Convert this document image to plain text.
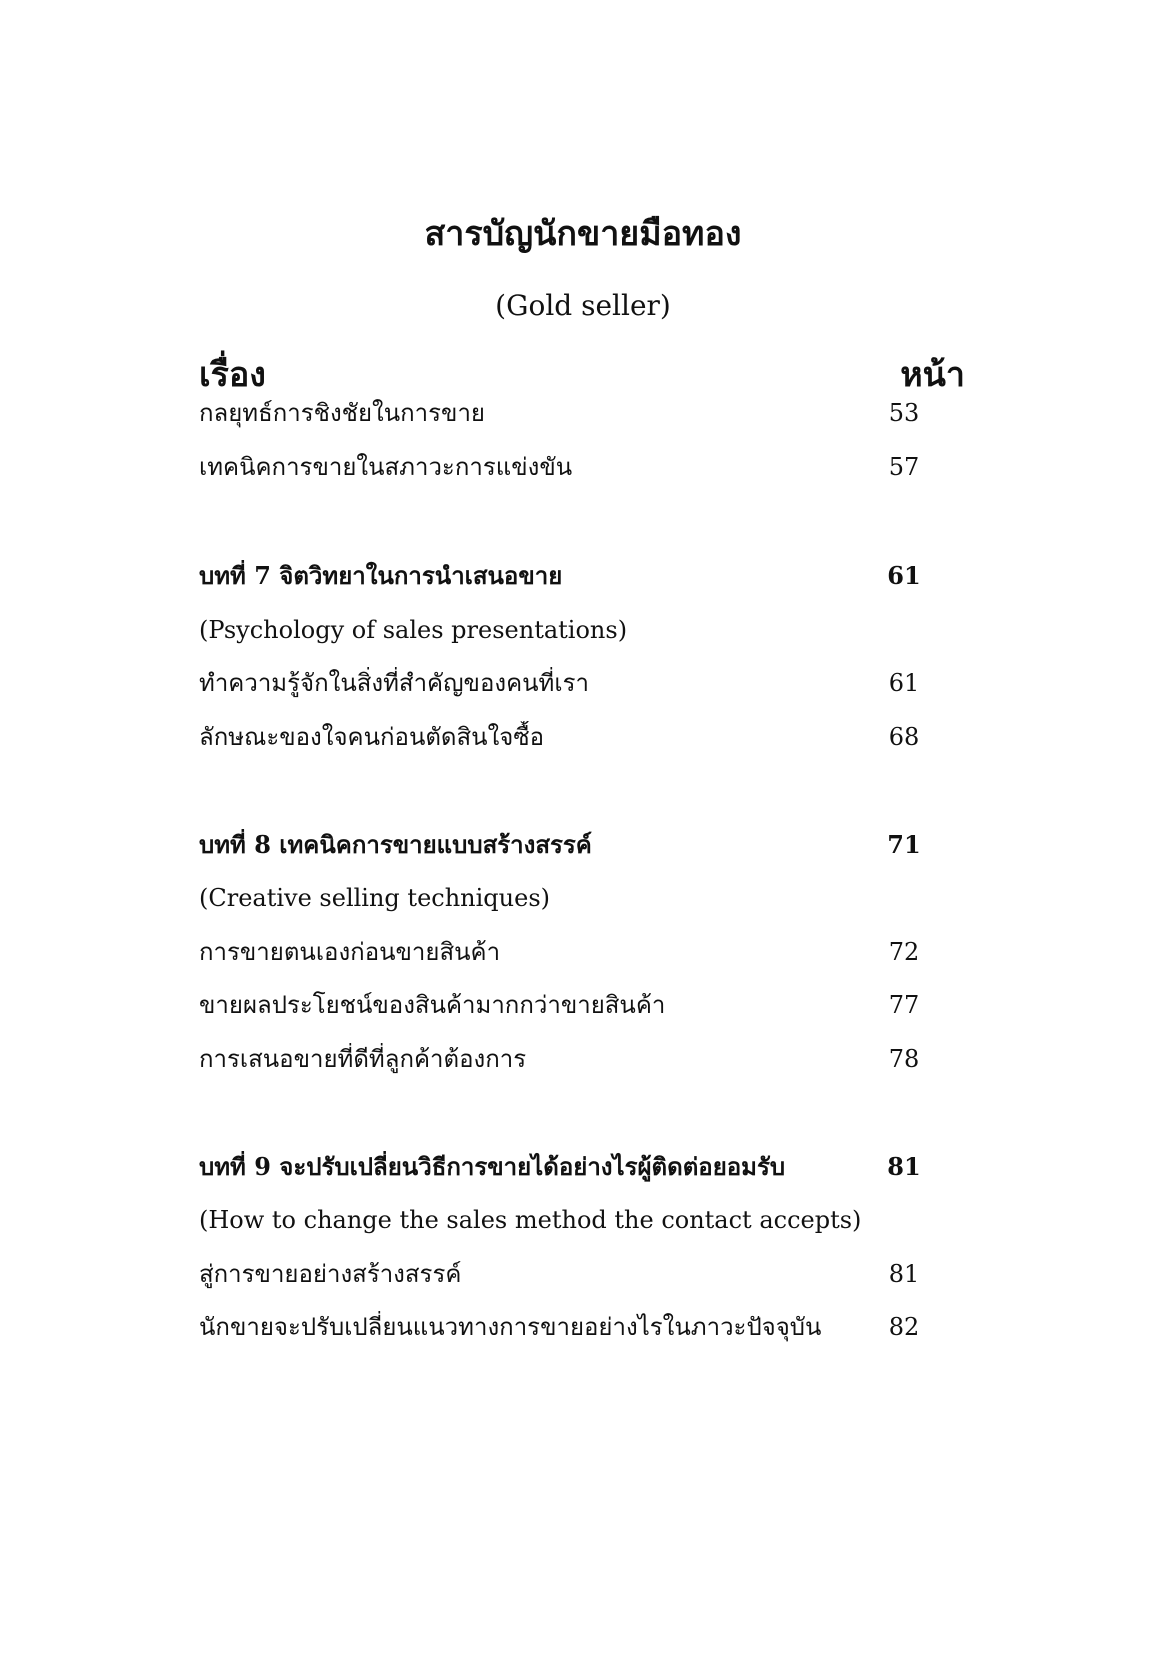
สารบัญนักขายมือทอง
(Gold seller)
เรื่อง	หน้า
กลยุทธ์การชิงชัยในการขาย	53
เทคนิคการขายในสภาวะการแข่งขัน	57
บทที่ 7 จิตวิทยาในการนำเสนอขาย	61
(Psychology of sales presentations)
ทำความรู้จักในสิ่งที่สำคัญของคนที่เรา	61
ลักษณะของใจคนก่อนตัดสินใจซื้อ	68
บทที่ 8 เทคนิคการขายแบบสร้างสรรค์	71
(Creative selling techniques)
การขายตนเองก่อนขายสินค้า	72
ขายผลประโยชน์ของสินค้ามากกว่าขายสินค้า	77
การเสนอขายที่ดีที่ลูกค้าต้องการ	78
บทที่ 9 จะปรับเปลี่ยนวิธีการขายได้อย่างไรผู้ติดต่อยอมรับ	81
(How to change the sales method the contact accepts)
สู่การขายอย่างสร้างสรรค์	81
นักขายจะปรับเปลี่ยนแนวทางการขายอย่างไรในภาวะปัจจุบัน	82
